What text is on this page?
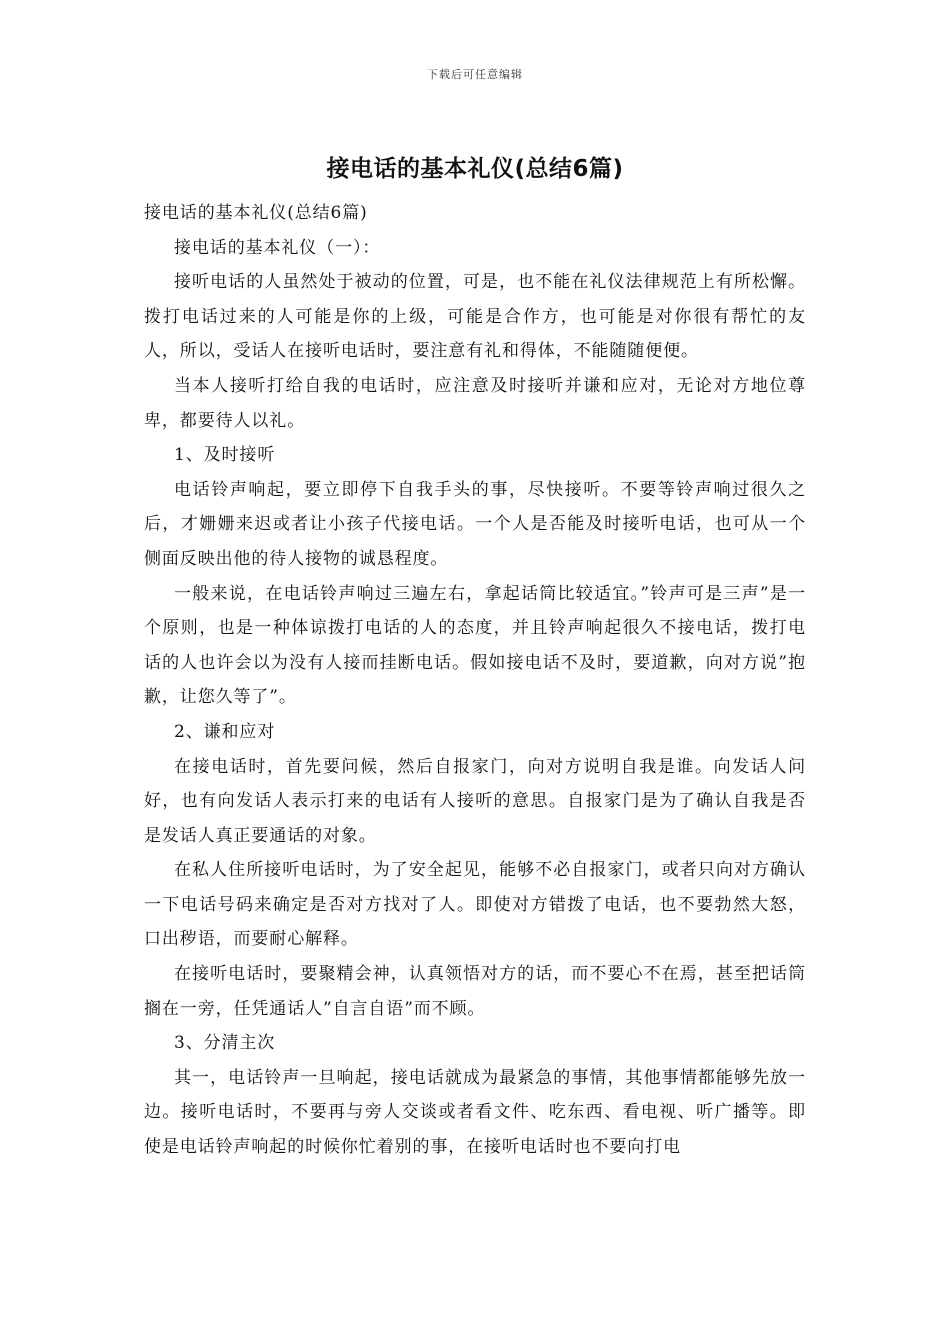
下载后可任意编辑
接电话的基本礼仪(总结6篇)

接电话的基本礼仪(总结6篇)

接电话的基本礼仪（一）：

接听电话的人虽然处于被动的位置，可是，也不能在礼仪法律规范上有所松懈。拨打电话过来的人可能是你的上级，可能是合作方，也可能是对你很有帮忙的友人，所以，受话人在接听电话时，要注意有礼和得体，不能随随便便。

当本人接听打给自我的电话时，应注意及时接听并谦和应对，无论对方地位尊卑，都要待人以礼。

1、及时接听

电话铃声响起，要立即停下自我手头的事，尽快接听。不要等铃声响过很久之后，才姗姗来迟或者让小孩子代接电话。一个人是否能及时接听电话，也可从一个侧面反映出他的待人接物的诚恳程度。

一般来说，在电话铃声响过三遍左右，拿起话筒比较适宜。”铃声可是三声”是一个原则，也是一种体谅拨打电话的人的态度，并且铃声响起很久不接电话，拨打电话的人也许会以为没有人接而挂断电话。假如接电话不及时，要道歉，向对方说”抱歉，让您久等了”。

2、谦和应对

在接电话时，首先要问候，然后自报家门，向对方说明自我是谁。向发话人问好，也有向发话人表示打来的电话有人接听的意思。自报家门是为了确认自我是否是发话人真正要通话的对象。

在私人住所接听电话时，为了安全起见，能够不必自报家门，或者只向对方确认一下电话号码来确定是否对方找对了人。即使对方错拨了电话，也不要勃然大怒，口出秽语，而要耐心解释。

在接听电话时，要聚精会神，认真领悟对方的话，而不要心不在焉，甚至把话筒搁在一旁，任凭通话人”自言自语”而不顾。

3、分清主次

其一，电话铃声一旦响起，接电话就成为最紧急的事情，其他事情都能够先放一边。接听电话时，不要再与旁人交谈或者看文件、吃东西、看电视、听广播等。即使是电话铃声响起的时候你忙着别的事，在接听电话时也不要向打电
